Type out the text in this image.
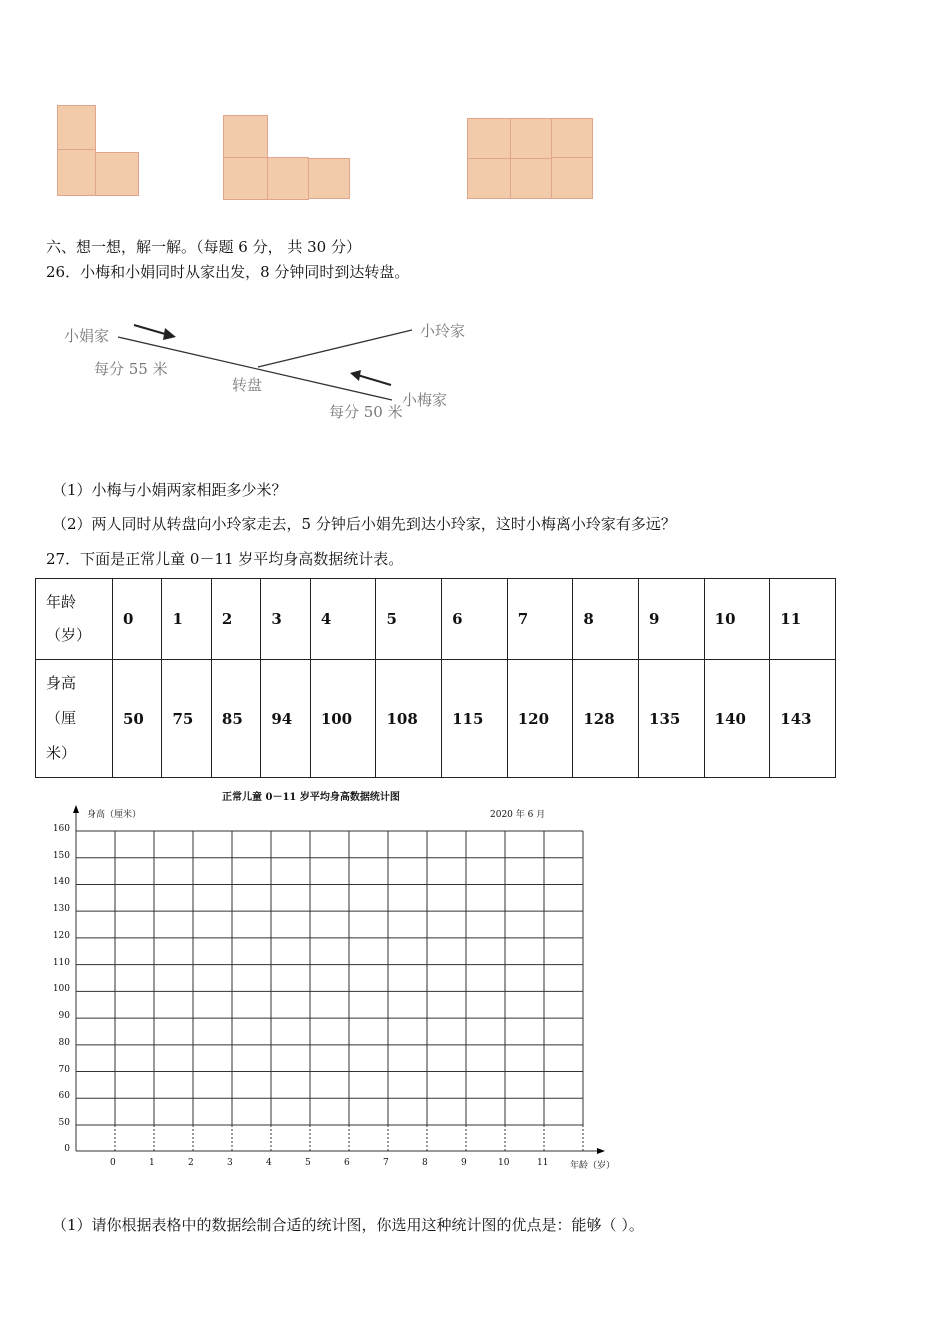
六、想一想，解一解。（每题 6 分， 共 30 分）
26．小梅和小娟同时从家出发，8 分钟同时到达转盘。
小娟家	小玲家
小梅家
转盘
每分 55 米
每分 50 米
（1）小梅与小娟两家相距多少米？
（2）两人同时从转盘向小玲家走去，5 分钟后小娟先到达小玲家，这时小梅离小玲家有多远？
27．下面是正常儿童 0－11 岁平均身高数据统计表。
年龄
（岁）	0	1	2	3	4	5	6	7	8	9	10	11
身高
（厘
米）	50	75	85	94	100	108	115	120	128	135	140	143
正常儿童 0－11 岁平均身高数据统计图
身高（厘米）	2020 年 6 月
年龄（岁）
160
150
140
130
120
110
100
90
80
70
60
50
0
0	1	2	3	4	5	6	7	8	9	10	11
（1）请你根据表格中的数据绘制合适的统计图，你选用这种统计图的优点是：能够（ ）。
